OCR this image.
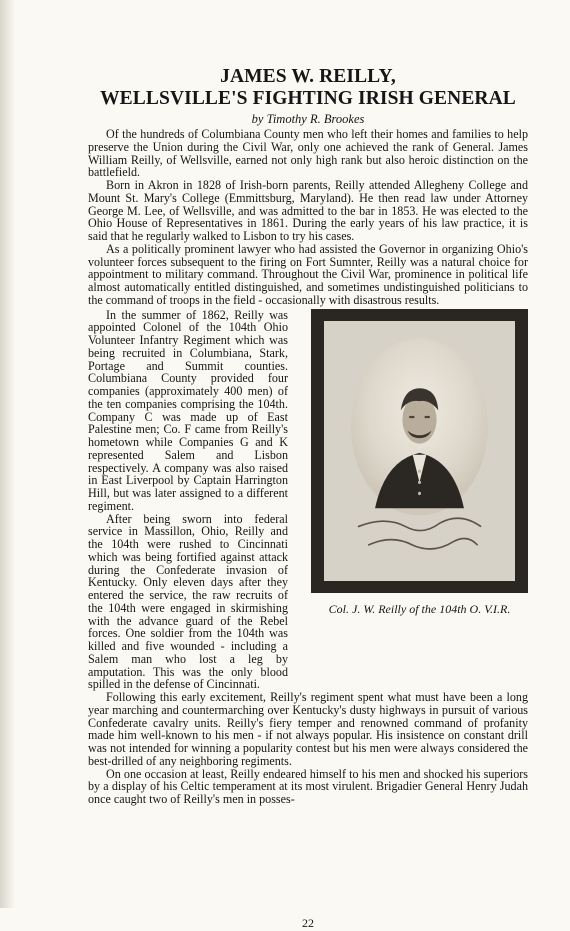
JAMES W. REILLY,
WELLSVILLE'S FIGHTING IRISH GENERAL
by Timothy R. Brookes

Of the hundreds of Columbiana County men who left their homes and families to help preserve the Union during the Civil War, only one achieved the rank of General. James William Reilly, of Wellsville, earned not only high rank but also heroic distinction on the battlefield.

Born in Akron in 1828 of Irish-born parents, Reilly attended Allegheny College and Mount St. Mary's College (Emmittsburg, Maryland). He then read law under Attorney George M. Lee, of Wellsville, and was admitted to the bar in 1853. He was elected to the Ohio House of Representatives in 1861. During the early years of his law practice, it is said that he regularly walked to Lisbon to try his cases.

As a politically prominent lawyer who had assisted the Governor in organizing Ohio's volunteer forces subsequent to the firing on Fort Sumnter, Reilly was a natural choice for appointment to military command. Throughout the Civil War, prominence in political life almost automatically entitled distinguished, and sometimes undistinguished politicians to the command of troops in the field - occasionally with disastrous results.

In the summer of 1862, Reilly was appointed Colonel of the 104th Ohio Volunteer Infantry Regiment which was being recruited in Columbiana, Stark, Portage and Summit counties. Columbiana County provided four companies (approximately 400 men) of the ten companies comprising the 104th. Company C was made up of East Palestine men; Co. F came from Reilly's hometown while Companies G and K represented Salem and Lisbon respectively. A company was also raised in East Liverpool by Captain Harrington Hill, but was later assigned to a different regiment.

After being sworn into federal service in Massillon, Ohio, Reilly and the 104th were rushed to Cincinnati which was being fortified against attack during the Confederate invasion of Kentucky. Only eleven days after they entered the service, the raw recruits of the 104th were engaged in skirmishing with the advance guard of the Rebel forces. One soldier from the 104th was killed and five wounded - including a Salem man who lost a leg by amputation. This was the only blood spilled in the defense of Cincinnati.

Col. J. W. Reilly of the 104th O. V.I.R.

Following this early excitement, Reilly's regiment spent what must have been a long year marching and countermarching over Kentucky's dusty highways in pursuit of various Confederate cavalry units. Reilly's fiery temper and renowned command of profanity made him well-known to his men - if not always popular. His insistence on constant drill was not intended for winning a popularity contest but his men were always considered the best-drilled of any neighboring regiments.

On one occasion at least, Reilly endeared himself to his men and shocked his superiors by a display of his Celtic temperament at its most virulent. Brigadier General Henry Judah once caught two of Reilly's men in posses-

22
